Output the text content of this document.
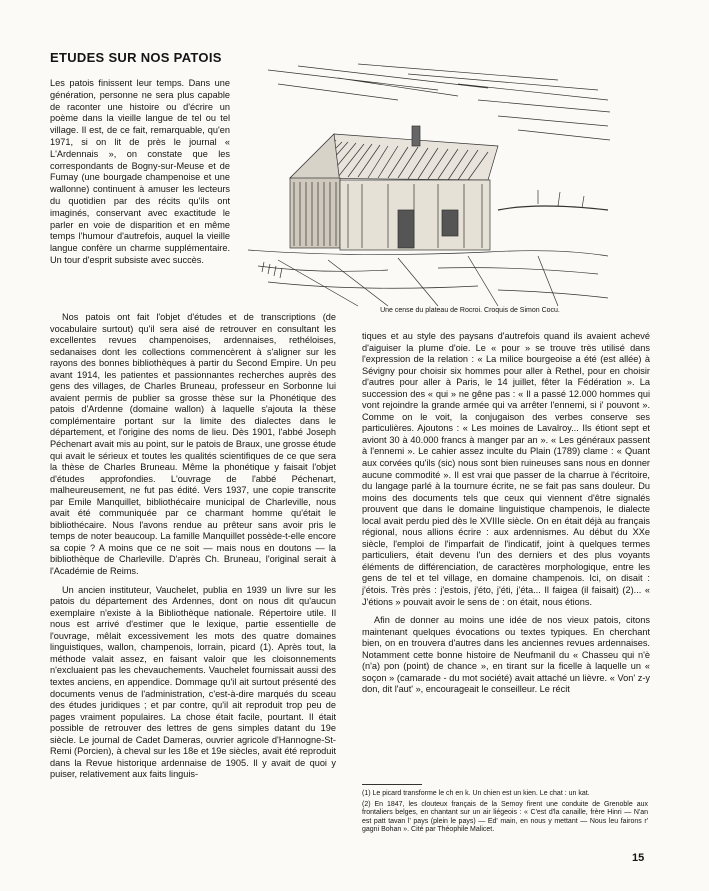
ETUDES SUR NOS PATOIS

Les patois finissent leur temps. Dans une génération, personne ne sera plus capable de raconter une histoire ou d'écrire un poème dans la vieille langue de tel ou tel village. Il est, de ce fait, remarquable, qu'en 1971, si on lit de près le journal « L'Ardennais », on constate que les correspondants de Bogny-sur-Meuse et de Fumay (une bourgade champenoise et une wallonne) continuent à amuser les lecteurs du quotidien par des récits qu'ils ont imaginés, conservant avec exactitude le parler en voie de disparition et en même temps l'humour d'autrefois, auquel la vieille langue confère un charme supplémentaire. Un tour d'esprit subsiste avec succès.

Une cense du plateau de Rocroi. Croquis de Simon Cocu.

Nos patois ont fait l'objet d'études et de transcriptions (de vocabulaire surtout) qu'il sera aisé de retrouver en consultant les excellentes revues champenoises, ardennaises, rethéloises, sedanaises dont les collections commencèrent à s'aligner sur les rayons des bonnes bibliothèques à partir du Second Empire. Un peu avant 1914, les patientes et passionnantes recherches auprès des gens des villages, de Charles Bruneau, professeur en Sorbonne lui avaient permis de publier sa grosse thèse sur la Phonétique des patois d'Ardenne (domaine wallon) à laquelle s'ajouta la thèse complémentaire portant sur la limite des dialectes dans le département, et l'origine des noms de lieu. Dès 1901, l'abbé Joseph Péchenart avait mis au point, sur le patois de Braux, une grosse étude qui avait le sérieux et toutes les qualités scientifiques de ce que sera la thèse de Charles Bruneau. Même la phonétique y faisait l'objet d'études approfondies. L'ouvrage de l'abbé Péchenart, malheureusement, ne fut pas édité. Vers 1937, une copie transcrite par Emile Manquillet, bibliothécaire municipal de Charleville, nous avait été communiquée par ce charmant homme qu'était le bibliothécaire. Nous l'avons rendue au prêteur sans avoir pris le temps de noter beaucoup. La famille Manquillet possède-t-elle encore sa copie ? A moins que ce ne soit — mais nous en doutons — la bibliothèque de Charleville. D'après Ch. Bruneau, l'original serait à l'Académie de Reims.

Un ancien instituteur, Vauchelet, publia en 1939 un livre sur les patois du département des Ardennes, dont on nous dit qu'aucun exemplaire n'existe à la Bibliothèque nationale. Répertoire utile. Il nous est arrivé d'estimer que le lexique, partie essentielle de l'ouvrage, mêlait excessivement les mots des quatre domaines linguistiques, wallon, champenois, lorrain, picard (1). Après tout, la méthode valait assez, en faisant valoir que les cloisonnements n'excluaient pas les chevauchements. Vauchelet fournissait aussi des textes anciens, en appendice. Dommage qu'il ait surtout présenté des documents venus de l'administration, c'est-à-dire marqués du sceau des études juridiques ; et par contre, qu'il ait reproduit trop peu de pages vraiment populaires. La chose était facile, pourtant. Il était possible de retrouver des lettres de gens simples datant du 19e siècle. Le journal de Cadet Dameras, ouvrier agricole d'Hannogne-St-Remi (Porcien), à cheval sur les 18e et 19e siècles, avait été reproduit dans la Revue historique ardennaise de 1905. Il y avait de quoi y puiser, relativement aux faits linguis-

tiques et au style des paysans d'autrefois quand ils avaient achevé d'aiguiser la plume d'oie. Le « pour » se trouve très utilisé dans l'expression de la relation : « La milice bourgeoise a été (est allée) à Sévigny pour choisir six hommes pour aller à Rethel, pour en choisir d'autres pour aller à Paris, le 14 juillet, fêter la Fédération ». La succession des « qui » ne gêne pas : « Il a passé 12.000 hommes qui vont rejoindre la grande armée qui va arrêter l'ennemi, si i' pouvont ». Comme on le voit, la conjugaison des verbes conserve ses particulières. Ajoutons : « Les moines de Lavalroy... Ils étiont sept et aviont 30 à 40.000 francs à manger par an ». « Les généraux passent à l'ennemi ». Le cahier assez inculte du Plain (1789) clame : « Quant aux corvées qu'ils (sic) nous sont bien ruineuses sans nous en donner aucune commodité ». Il est vrai que passer de la charrue à l'écritoire, du langage parlé à la tournure écrite, ne se fait pas sans douleur. Du moins des documents tels que ceux qui viennent d'être signalés prouvent que dans le domaine linguistique champenois, le dialecte local avait perdu pied dès le XVIIIe siècle. On en était déjà au français régional, nous allions écrire : aux ardennismes. Au début du XXe siècle, l'emploi de l'imparfait de l'indicatif, joint à quelques termes particuliers, était devenu l'un des derniers et des plus voyants éléments de différenciation, de caractères morphologique, entre les gens de tel et tel village, en domaine champenois. Ici, on disait : j'étois. Très près : j'estois, j'éto, j'éti, j'éta... Il faigea (il faisait) (2)... « J'étions » pouvait avoir le sens de : on était, nous étions.

Afin de donner au moins une idée de nos vieux patois, citons maintenant quelques évocations ou textes typiques. En cherchant bien, on en trouvera d'autres dans les anciennes revues ardennaises. Notamment cette bonne histoire de Neufmanil du « Chasseu qui n'è (n'a) pon (point) de chance », en tirant sur la ficelle à laquelle un « soçon » (camarade - du mot société) avait attaché un lièvre. « Von' z-y don, dit l'aut' », encourageait le conseilleur. Le récit

(1) Le picard transforme le ch en k. Un chien est un kien. Le chat : un kat.

(2) En 1847, les clouteux français de la Semoy firent une conduite de Grenoble aux frontaliers belges, en chantant sur un air liégeois : « C'est d'la canaille, frère Hinri — N'an est patt tavan l' pays (plein le pays) — Ed' main, en nous y mettant — Nous leu fairons r' gagni Bohan ». Cité par Théophile Malicet.

15
